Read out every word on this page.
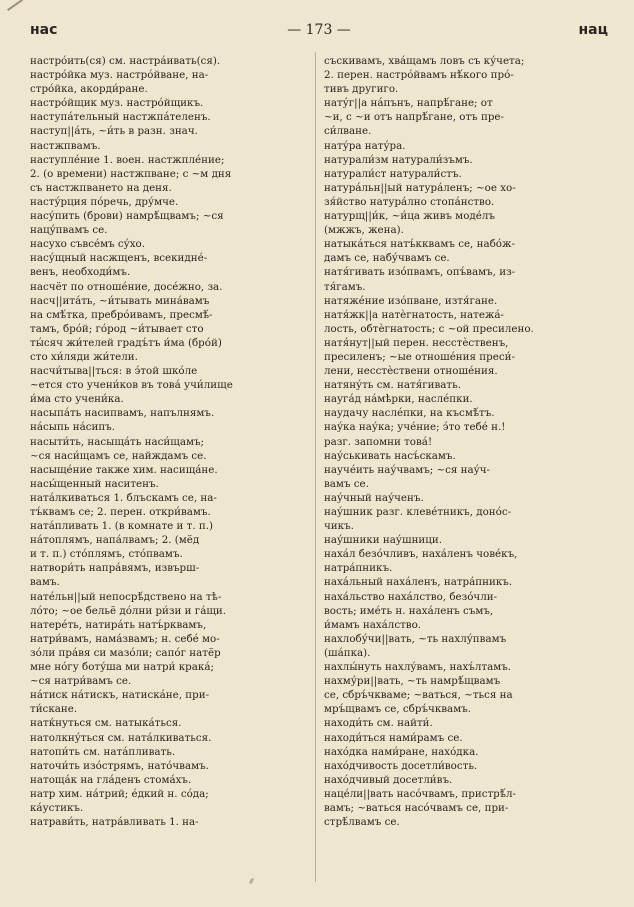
нас	— 173 —	нац
настро́ить(ся) см. настра́ивать(ся).
настро́йка муз. настро́йване, на-
стро́йка, акорди́ране.
настро́йщик муз. настро́йщикъ.
наступа́тельный настжпа́теленъ.
наступ||а́ть, ~и́ть в разн. знач.
настжпвамъ.
наступле́ние 1. воен. настжпле́ние;
2. (о времени) настжпване; с ~м дня
съ настжпването на деня.
насту́рция по́речь, дру́мче.
насу́пить (брови) намрѣ́щвамъ; ~ся
нацу́пвамъ се.
насухо съвсе́мъ су́хо.
насу́щный насжщенъ, всекидне́-
венъ, необходи́мъ.
насчёт по отноше́ние, досе́жно, за.
насч||ита́ть, ~и́тывать мина́вамъ
на смѣ́тка, пребро́ивамъ, пресмѣ́-
тамъ, бро́й; го́род ~и́тывает сто
ты́сяч жи́телей градъ́тъ и́ма (бро́й)
сто хи́ляди жи́тели.
насчи́тыва||ться: в э́той шко́ле
~ется сто учени́ков въ това́ учи́лище
и́ма сто учени́ка.
насыпа́ть насипвамъ, напълнямъ.
на́сыпь на́сипъ.
насыти́ть, насыща́ть наси́щамъ;
~ся наси́щамъ се, найждамъ се.
насыще́ние также хим. насища́не.
насы́щенный наситенъ.
ната́лкиваться 1. блъскамъ се, на-
тъ́квамъ се; 2. перен. откри́вамъ.
ната́пливать 1. (в комнате и т. п.)
на́топлямъ, напа́лвамъ; 2. (мёд
и т. п.) сто́плямъ, сто́пвамъ.
натвори́ть напра́вямъ, извърш-
вамъ.
нате́льн||ый непосрѣ́дствено на тѣ-
ло́то; ~ое бельё до́лни ри́зи и га́щи.
натере́ть, натира́ть натъ́рквамъ,
натри́вамъ, нама́звамъ; н. себе́ мо-
зо́ли пра́вя си мазо́ли; сапо́г натёр
мне но́гу боту́ша ми натри́ крака́;
~ся натри́вамъ се.
на́тиск на́тискъ, натиска́не, при-
ти́скане.
натќнуться см. натыка́ться.
натолкну́ться см. ната́лкиваться.
натопи́ть см. ната́пливать.
наточи́ть изо́стрямъ, нато́чвамъ.
натоща́к на гла́денъ стома́хъ.
натр хим. на́трий; е́дкий н. со́да;
ка́устикъ.
натрави́ть, натра́вливать 1. на-
съскивамъ, хва́щамъ ловъ съ ку́чета;
2. перен. настро́йвамъ нѣ́кого про́-
тивъ другиго.
нату́г||а на́пънъ, напрѣ́гане; от
~и, с ~и отъ напрѣ́гане, отъ пре-
си́лване.
нату́ра нату́ра.
натурали́зм натурали́зъмъ.
натурали́ст натурали́стъ.
натура́льн||ый натура́ленъ; ~ое хо-
зя́йство натура́лно стопа́нство.
натурщ||и́к, ~и́ца живъ моде́лъ
(мжжъ, жена).
натыка́ться натъ́кквамъ се, набо́ж-
дамъ се, набу́чвамъ се.
натя́гивать изо́пвамъ, опъ́вамъ, из-
тя́гамъ.
натяже́ние изо́пване, изтя́гане.
натя́жк||а натѐгнатость, натежа́-
лость, обтѐгнатость; с ~ой пресилено.
натя́нут||ый перен. несстѐственъ,
пресиленъ; ~ые отноше́ния преси́-
лени, несстѐствени отноше́ния.
натяну́ть см. натя́гивать.
науга́д на́мѣрки, насле́пки.
наудачу насле́пки, на късмѣ́тъ.
нау́ка нау́ка; уче́ние; э́то тебе́ н.!
разг. запомни това́!
нау́ськивать насъ́скамъ.
науче́ить нау́чвамъ; ~ся нау́ч-
вамъ се.
нау́чный нау́ченъ.
нау́шник разг. клеве́тникъ, доно́с-
чикъ.
нау́шники нау́шници.
наха́л безо́чливъ, наха́ленъ чове́къ,
натра́пникъ.
наха́льный наха́ленъ, натра́пникъ.
наха́льство наха́лство, безо́чли-
вость; име́ть н. наха́ленъ съмъ,
и́мамъ наха́лство.
нахлобу́чи||вать, ~ть нахлу́пвамъ
(ша́пка).
нахлы́нуть нахлу́вамъ, нахъ́лтамъ.
нахму́ри||вать, ~ть намрѣ́щвамъ
се, сбръ́чкваме; ~ваться, ~ться на
мръ́щвамъ се, сбръ́чквамъ.
находи́ть см. найти́.
находи́ться нами́рамъ се.
нахо́дка нами́ране, нахо́дка.
нахо́дчивость досетли́вость.
нахо́дчивый досетли́въ.
наце́ли||вать насо́чвамъ, пристрѣ́л-
вамъ; ~ваться насо́чвамъ се, при-
стрѣ́лвамъ се.
